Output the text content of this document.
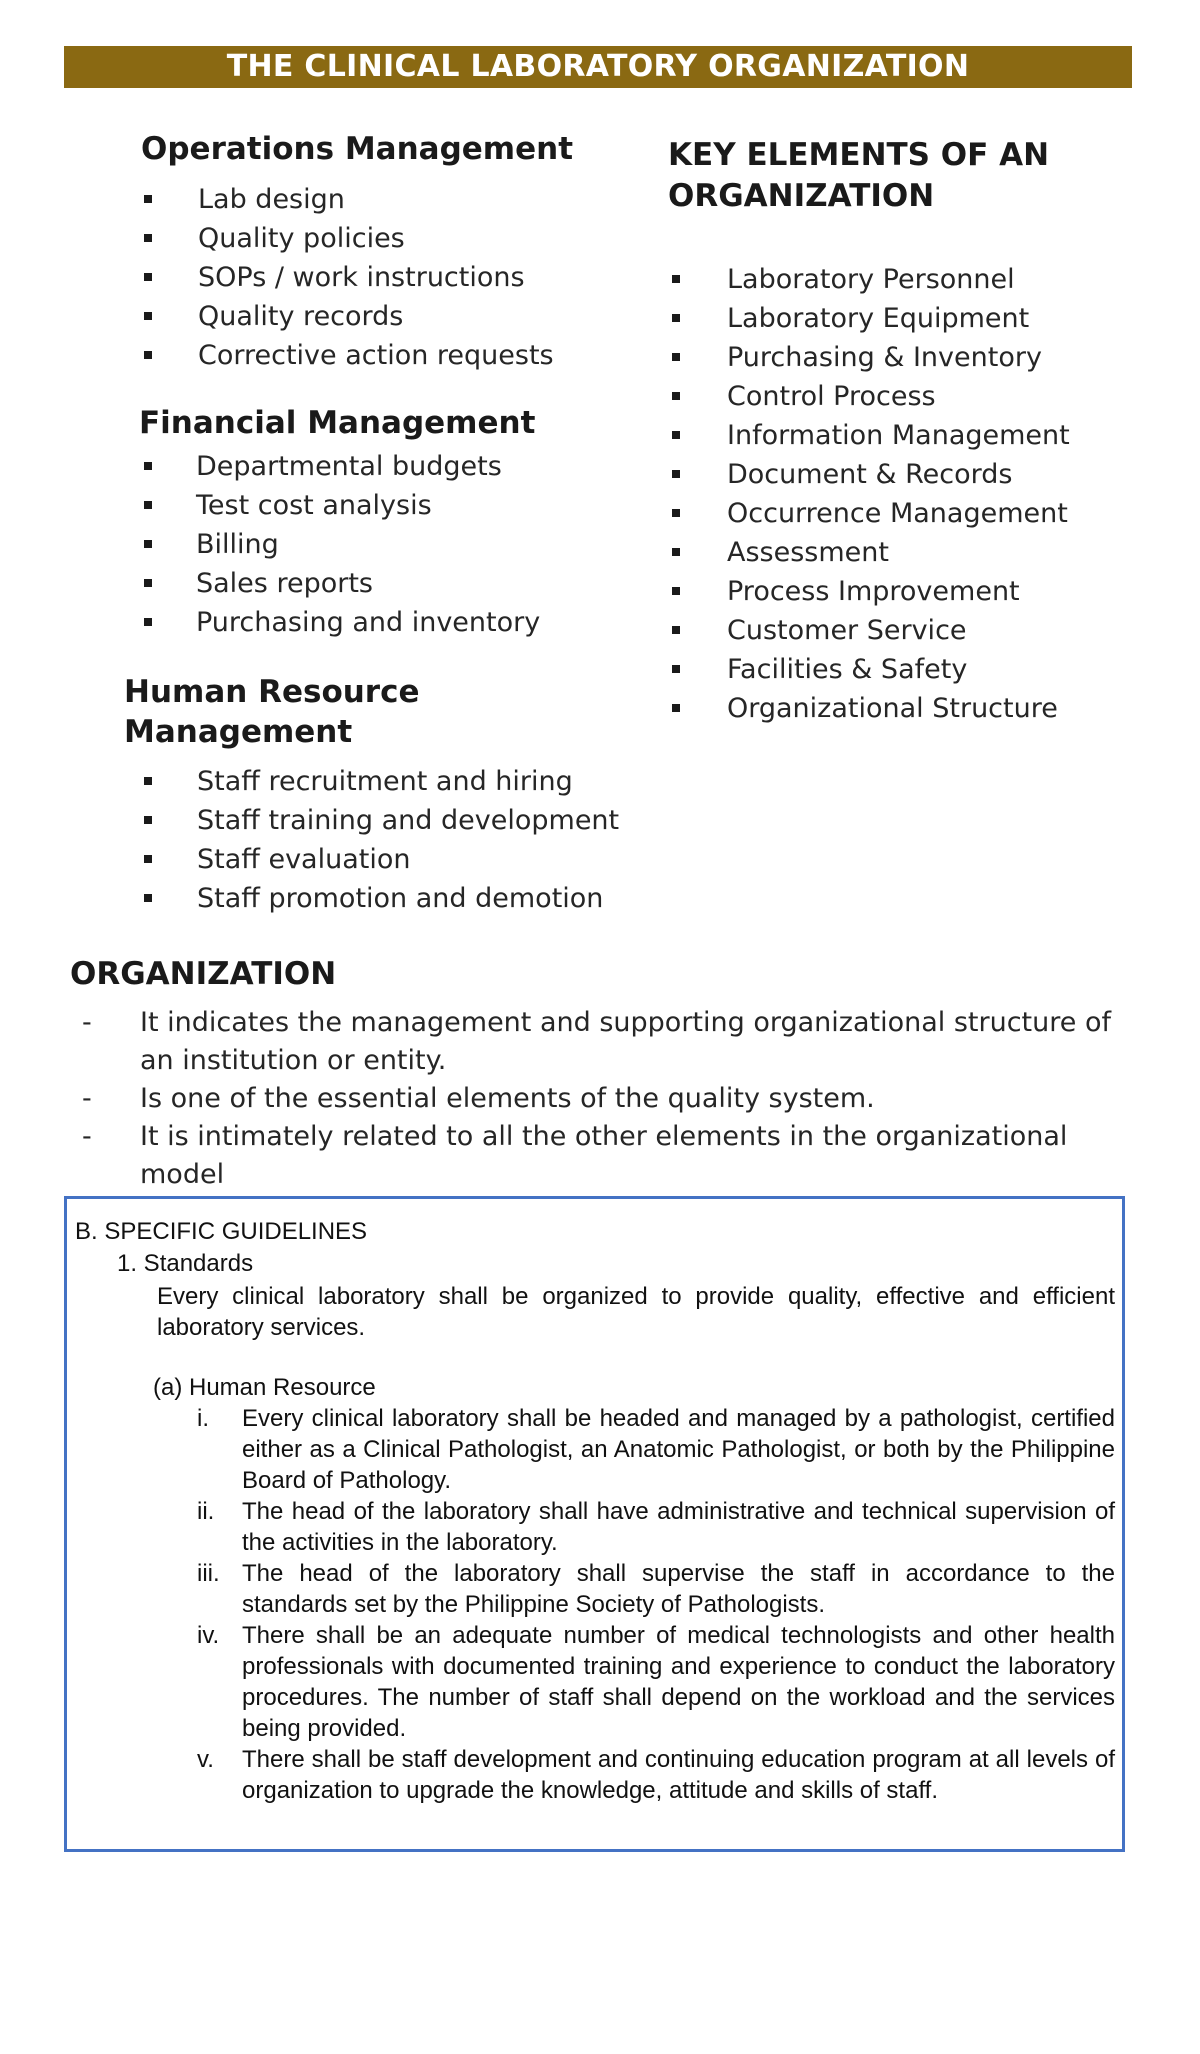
THE CLINICAL LABORATORY ORGANIZATION
Operations Management
Lab design
Quality policies
SOPs / work instructions
Quality records
Corrective action requests
Financial Management
Departmental budgets
Test cost analysis
Billing
Sales reports
Purchasing and inventory
Human Resource
Management
Staff recruitment and hiring
Staff training and development
Staff evaluation
Staff promotion and demotion
KEY ELEMENTS OF AN
ORGANIZATION
Laboratory Personnel
Laboratory Equipment
Purchasing & Inventory
Control Process
Information Management
Document & Records
Occurrence Management
Assessment
Process Improvement
Customer Service
Facilities & Safety
Organizational Structure
ORGANIZATION
- It indicates the management and supporting organizational structure of an institution or entity.
- Is one of the essential elements of the quality system.
- It is intimately related to all the other elements in the organizational model
B. SPECIFIC GUIDELINES
1. Standards
Every clinical laboratory shall be organized to provide quality, effective and efficient laboratory services.
(a) Human Resource
i. Every clinical laboratory shall be headed and managed by a pathologist, certified either as a Clinical Pathologist, an Anatomic Pathologist, or both by the Philippine Board of Pathology.
ii. The head of the laboratory shall have administrative and technical supervision of the activities in the laboratory.
iii. The head of the laboratory shall supervise the staff in accordance to the standards set by the Philippine Society of Pathologists.
iv. There shall be an adequate number of medical technologists and other health professionals with documented training and experience to conduct the laboratory procedures. The number of staff shall depend on the workload and the services being provided.
v. There shall be staff development and continuing education program at all levels of organization to upgrade the knowledge, attitude and skills of staff.
